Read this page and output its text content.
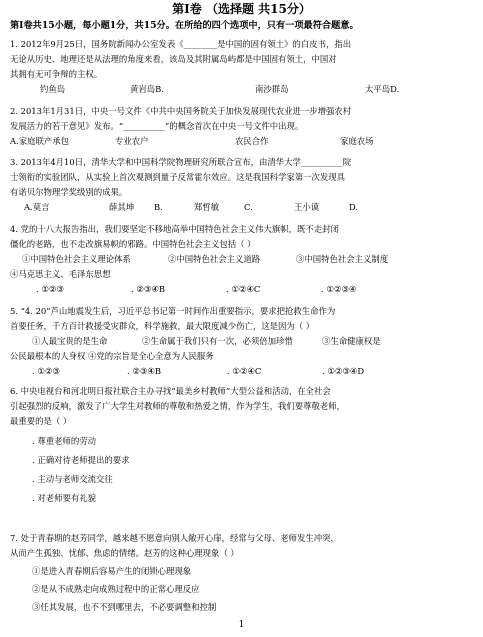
第Ⅰ卷 （选择题 共15分）
第Ⅰ卷共15小题，每小题1分，共15分。在所给的四个选项中，只有一项最符合题意。
1. 2012年9月25日，国务院新闻办公室发表《________是中国的固有领土》的白皮书，指出
无论从历史、地理还是从法理的角度来看，该岛及其附属岛屿都是中国固有领土，中国对
其拥有无可争辩的主权。
钓鱼岛	黄岩岛B.	南沙群岛	太平岛D.
2. 2013年1月31日，中央一号文件《中共中央国务院关于加快发展现代农业进一步增强农村
发展活力的若干意见》发布。“__________”的概念首次在中央一号文件中出现。
A.家庭联产承包	专业农户	农民合作	家庭农场
3. 2013年4月10日，清华大学和中国科学院物理研究所联合宣布，由清华大学__________院
士领衔的实验团队，从实验上首次观测到量子反常霍尔效应。这是我国科学家第一次发现具
有诺贝尔物理学奖级别的成果。
A.莫言	薛其坤	B.	郑哲敏	C.	王小谟	D.
4. 党的十八大报告指出，我们要坚定不移地高举中国特色社会主义伟大旗帜，既不走封闭
僵化的老路，也不走改旗易帜的邪路。中国特色社会主义包括（ ）
①中国特色社会主义理论体系	②中国特色社会主义道路	③中国特色社会主义制度
④马克思主义、毛泽东思想
. ①②③	. ②③④B	. ①②④C	. ①②③④
5. “4. 20”芦山地震发生后，习近平总书记第一时间作出重要指示，要求把抢救生命作为
首要任务，千方百计救援受灾群众，科学施救，最大限度减少伤亡，这是因为（ ）
①人最宝贵的是生命	②生命属于我们只有一次，必须倍加珍惜	③生命健康权是
公民最根本的人身权 ④党的宗旨是全心全意为人民服务
. ①②③	. ②③④B	. ①②④C	. ①②③④D
6. 中央电视台和河北明日报社联合主办寻找“最美乡村教师”大型公益和活动，在全社会
引起强烈的反响，激发了广大学生对教师的尊敬和热爱之情，作为学生，我们要尊敬老师，
最重要的是（ ）
. 尊重老师的劳动
. 正确对待老师提出的要求
. 主动与老师交流交往
. 对老师要有礼貌
7. 处于青春期的赵芳同学，越来越不愿意向别人敞开心扉，经常与父母、老师发生冲突，
从而产生孤独、忧郁、焦虑的情绪。赵芳的这种心理现象（ ）
①是进入青春期后容易产生的闭锁心理现象
②是从不成熟走向成熟过程中的正常心理反应
③任其发展，也不不到哪里去，不必要调整和控制
1
